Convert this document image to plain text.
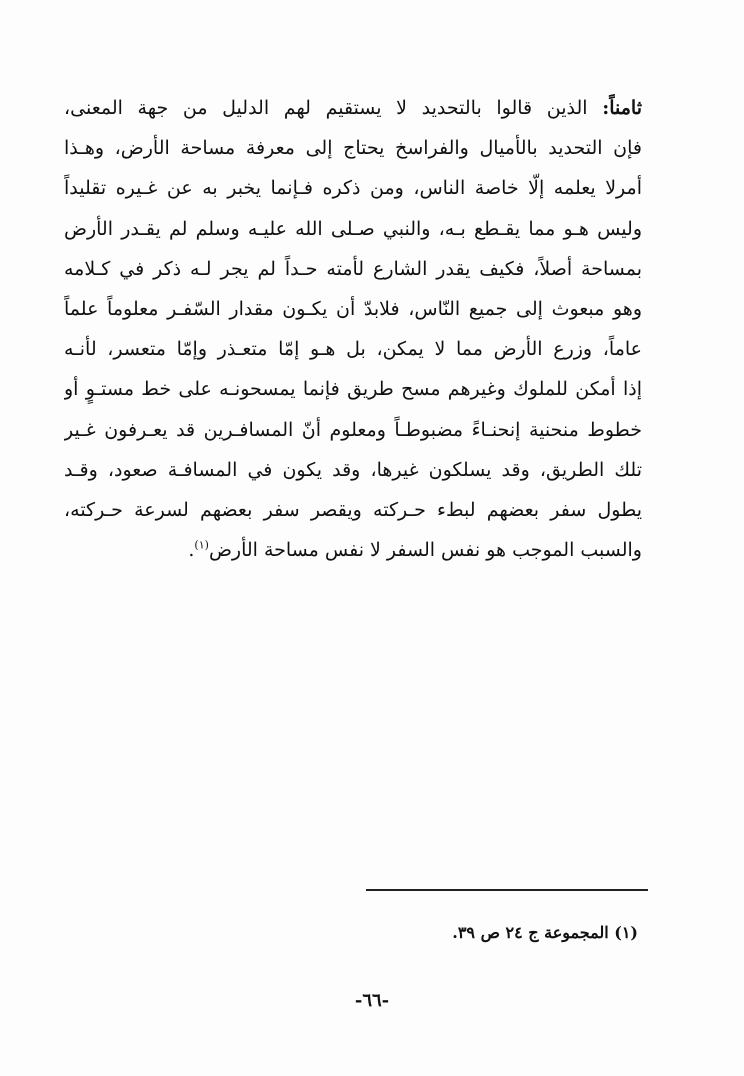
ثامناً: الذين قالوا بالتحديد لا يستقيم لهم الدليل من جهة المعنى،
فإن التحديد بالأميال والفراسخ يحتاج إلى معرفة مساحة الأرض، وهـذا
أمرلا يعلمه إلّا خاصة الناس، ومن ذكره فـإنما يخبر به عن غـيره تقليداً
وليس هـو مما يقـطع بـه، والنبي صـلى الله عليـه وسلم لم يقـدر الأرض
بمساحة أصلاً، فكيف يقدر الشارع لأمته حـداً لم يجر لـه ذكر في كـلامه
وهو مبعوث إلى جميع النّاس، فلابدّ أن يكـون مقدار السّفـر معلوماً علماً
عاماً، وزرع الأرض مما لا يمكن، بل هـو إمّا متعـذر وإمّا متعسر، لأنـه
إذا أمكن للملوك وغيرهم مسح طريق فإنما يمسحونـه على خط مستـوٍ أو
خطوط منحنية إنحنـاءً مضبوطـاً ومعلوم أنّ المسافـرين قد يعـرفون غـير
تلك الطريق، وقد يسلكون غيرها، وقد يكون في المسافـة صعود، وقـد
يطول سفر بعضهم لبطء حـركته ويقصر سفر بعضهم لسرعة حـركته،
والسبب الموجب هو نفس السفر لا نفس مساحة الأرض$^{(١)}$.
(١) المجموعة ج ٢٤ ص ٣٩.
-٦٦-
